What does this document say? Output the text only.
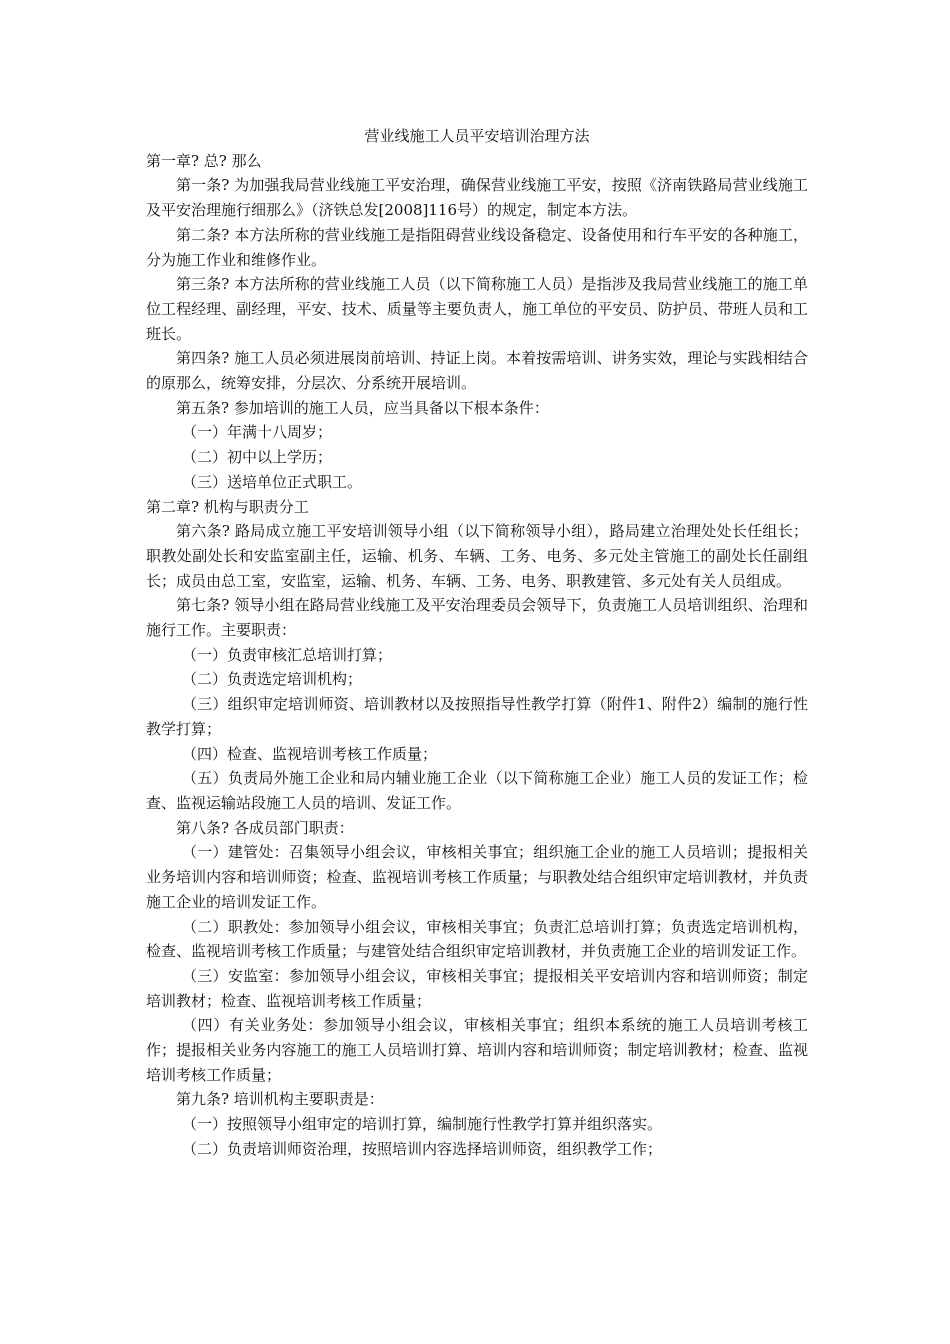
营业线施工人员平安培训治理方法

第一章? 总? 那么

第一条? 为加强我局营业线施工平安治理，确保营业线施工平安，按照《济南铁路局营业线施工及平安治理施行细那么》（济铁总发[2008]116号）的规定，制定本方法。

第二条? 本方法所称的营业线施工是指阻碍营业线设备稳定、设备使用和行车平安的各种施工，分为施工作业和维修作业。

第三条? 本方法所称的营业线施工人员（以下简称施工人员）是指涉及我局营业线施工的施工单位工程经理、副经理，平安、技术、质量等主要负责人，施工单位的平安员、防护员、带班人员和工班长。

第四条? 施工人员必须进展岗前培训、持证上岗。本着按需培训、讲务实效，理论与实践相结合的原那么，统筹安排，分层次、分系统开展培训。

第五条? 参加培训的施工人员，应当具备以下根本条件：

（一）年满十八周岁；

（二）初中以上学历；

（三）送培单位正式职工。

第二章? 机构与职责分工

第六条? 路局成立施工平安培训领导小组（以下简称领导小组），路局建立治理处处长任组长；职教处副处长和安监室副主任，运输、机务、车辆、工务、电务、多元处主管施工的副处长任副组长；成员由总工室，安监室，运输、机务、车辆、工务、电务、职教建管、多元处有关人员组成。

第七条? 领导小组在路局营业线施工及平安治理委员会领导下，负责施工人员培训组织、治理和施行工作。主要职责：

（一）负责审核汇总培训打算；

（二）负责选定培训机构；

（三）组织审定培训师资、培训教材以及按照指导性教学打算（附件1、附件2）编制的施行性教学打算；

（四）检查、监视培训考核工作质量；

（五）负责局外施工企业和局内辅业施工企业（以下简称施工企业）施工人员的发证工作；检查、监视运输站段施工人员的培训、发证工作。

第八条? 各成员部门职责：

（一）建管处：召集领导小组会议，审核相关事宜；组织施工企业的施工人员培训；提报相关业务培训内容和培训师资；检查、监视培训考核工作质量；与职教处结合组织审定培训教材，并负责施工企业的培训发证工作。

（二）职教处：参加领导小组会议，审核相关事宜；负责汇总培训打算；负责选定培训机构，检查、监视培训考核工作质量；与建管处结合组织审定培训教材，并负责施工企业的培训发证工作。

（三）安监室：参加领导小组会议，审核相关事宜；提报相关平安培训内容和培训师资；制定培训教材；检查、监视培训考核工作质量；

（四）有关业务处：参加领导小组会议，审核相关事宜；组织本系统的施工人员培训考核工作；提报相关业务内容施工的施工人员培训打算、培训内容和培训师资；制定培训教材；检查、监视培训考核工作质量；

第九条? 培训机构主要职责是：

（一）按照领导小组审定的培训打算，编制施行性教学打算并组织落实。

（二）负责培训师资治理，按照培训内容选择培训师资，组织教学工作；
